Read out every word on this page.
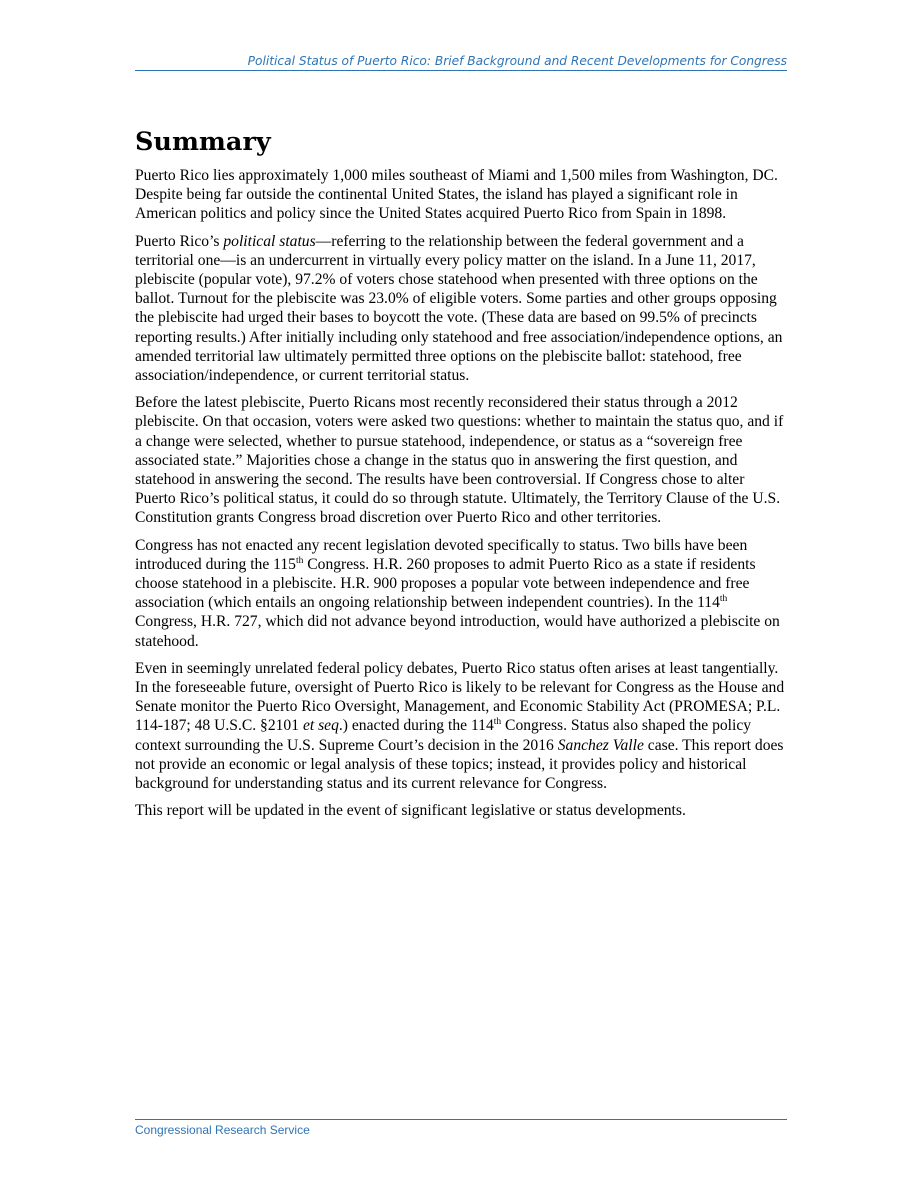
Political Status of Puerto Rico: Brief Background and Recent Developments for Congress
Summary

Puerto Rico lies approximately 1,000 miles southeast of Miami and 1,500 miles from Washington, DC. Despite being far outside the continental United States, the island has played a significant role in American politics and policy since the United States acquired Puerto Rico from Spain in 1898.

Puerto Rico’s political status—referring to the relationship between the federal government and a territorial one—is an undercurrent in virtually every policy matter on the island. In a June 11, 2017, plebiscite (popular vote), 97.2% of voters chose statehood when presented with three options on the ballot. Turnout for the plebiscite was 23.0% of eligible voters. Some parties and other groups opposing the plebiscite had urged their bases to boycott the vote. (These data are based on 99.5% of precincts reporting results.) After initially including only statehood and free association/independence options, an amended territorial law ultimately permitted three options on the plebiscite ballot: statehood, free association/independence, or current territorial status.

Before the latest plebiscite, Puerto Ricans most recently reconsidered their status through a 2012 plebiscite. On that occasion, voters were asked two questions: whether to maintain the status quo, and if a change were selected, whether to pursue statehood, independence, or status as a “sovereign free associated state.” Majorities chose a change in the status quo in answering the first question, and statehood in answering the second. The results have been controversial. If Congress chose to alter Puerto Rico’s political status, it could do so through statute. Ultimately, the Territory Clause of the U.S. Constitution grants Congress broad discretion over Puerto Rico and other territories.

Congress has not enacted any recent legislation devoted specifically to status. Two bills have been introduced during the 115th Congress. H.R. 260 proposes to admit Puerto Rico as a state if residents choose statehood in a plebiscite. H.R. 900 proposes a popular vote between independence and free association (which entails an ongoing relationship between independent countries). In the 114th Congress, H.R. 727, which did not advance beyond introduction, would have authorized a plebiscite on statehood.

Even in seemingly unrelated federal policy debates, Puerto Rico status often arises at least tangentially. In the foreseeable future, oversight of Puerto Rico is likely to be relevant for Congress as the House and Senate monitor the Puerto Rico Oversight, Management, and Economic Stability Act (PROMESA; P.L. 114-187; 48 U.S.C. §2101 et seq.) enacted during the 114th Congress. Status also shaped the policy context surrounding the U.S. Supreme Court’s decision in the 2016 Sanchez Valle case. This report does not provide an economic or legal analysis of these topics; instead, it provides policy and historical background for understanding status and its current relevance for Congress.

This report will be updated in the event of significant legislative or status developments.

Congressional Research Service
